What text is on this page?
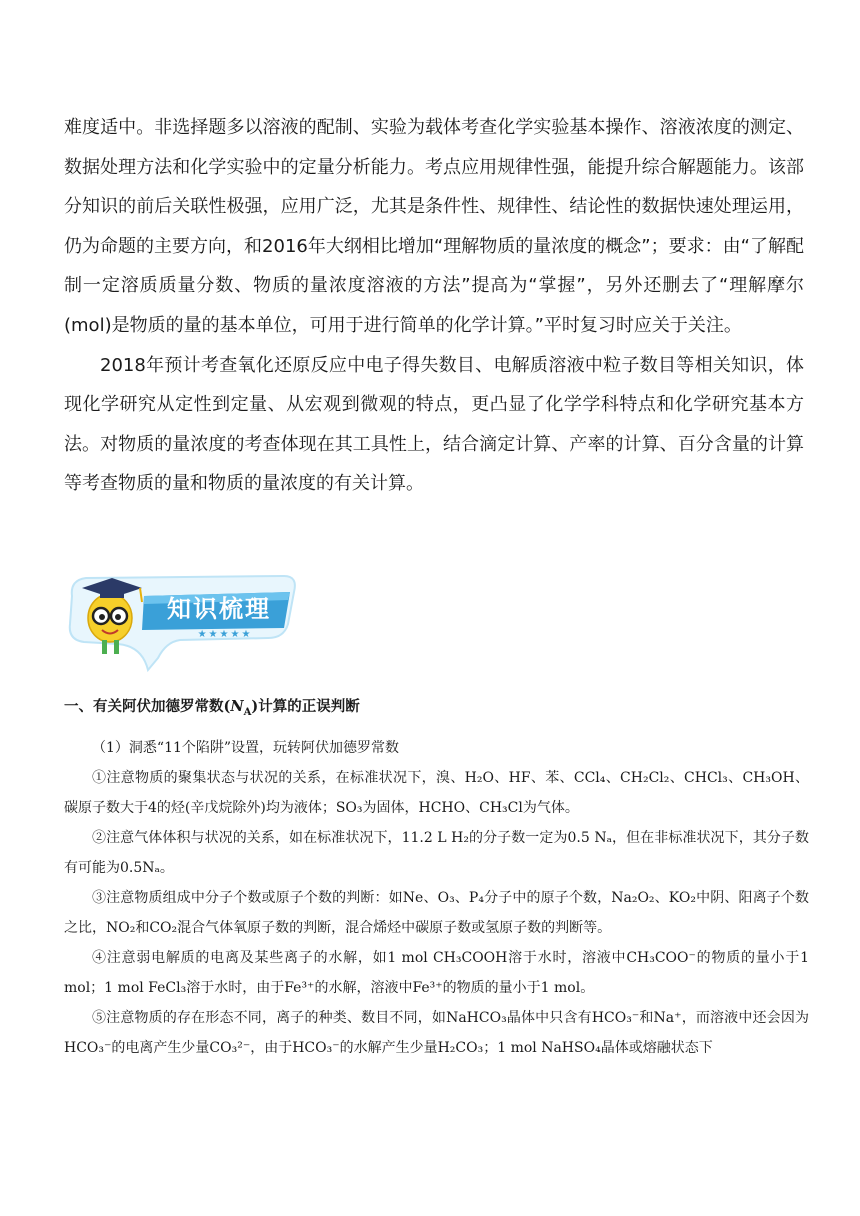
难度适中。非选择题多以溶液的配制、实验为载体考查化学实验基本操作、溶液浓度的测定、数据处理方法和化学实验中的定量分析能力。考点应用规律性强，能提升综合解题能力。该部分知识的前后关联性极强，应用广泛，尤其是条件性、规律性、结论性的数据快速处理运用，仍为命题的主要方向，和2016年大纲相比增加“理解物质的量浓度的概念”；要求：由“了解配制一定溶质质量分数、物质的量浓度溶液的方法”提高为“掌握”，另外还删去了“理解摩尔(mol)是物质的量的基本单位，可用于进行简单的化学计算。”平时复习时应关于关注。

2018年预计考查氧化还原反应中电子得失数目、电解质溶液中粒子数目等相关知识，体现化学研究从定性到定量、从宏观到微观的特点，更凸显了化学学科特点和化学研究基本方法。对物质的量浓度的考查体现在其工具性上，结合滴定计算、产率的计算、百分含量的计算等考查物质的量和物质的量浓度的有关计算。

知识梳理
★★★★★

一、有关阿伏加德罗常数$(N_A)$计算的正误判断

（1）洞悉“11个陷阱”设置，玩转阿伏加德罗常数

①注意物质的聚集状态与状况的关系，在标准状况下，溴、H₂O、HF、苯、CCl₄、CH₂Cl₂、CHCl₃、CH₃OH、碳原子数大于4的烃(辛戊烷除外)均为液体；SO₃为固体，HCHO、CH₃Cl为气体。

②注意气体体积与状况的关系，如在标准状况下，11.2 L H₂的分子数一定为0.5 Nₐ，但在非标准状况下，其分子数有可能为0.5Nₐ。

③注意物质组成中分子个数或原子个数的判断：如Ne、O₃、P₄分子中的原子个数，Na₂O₂、KO₂中阴、阳离子个数之比，NO₂和CO₂混合气体氧原子数的判断，混合烯烃中碳原子数或氢原子数的判断等。

④注意弱电解质的电离及某些离子的水解，如1 mol CH₃COOH溶于水时，溶液中CH₃COO⁻的物质的量小于1 mol；1 mol FeCl₃溶于水时，由于Fe³⁺的水解，溶液中Fe³⁺的物质的量小于1 mol。

⑤注意物质的存在形态不同，离子的种类、数目不同，如NaHCO₃晶体中只含有HCO₃⁻和Na⁺，而溶液中还会因为HCO₃⁻的电离产生少量CO₃²⁻，由于HCO₃⁻的水解产生少量H₂CO₃；1 mol NaHSO₄晶体或熔融状态下
